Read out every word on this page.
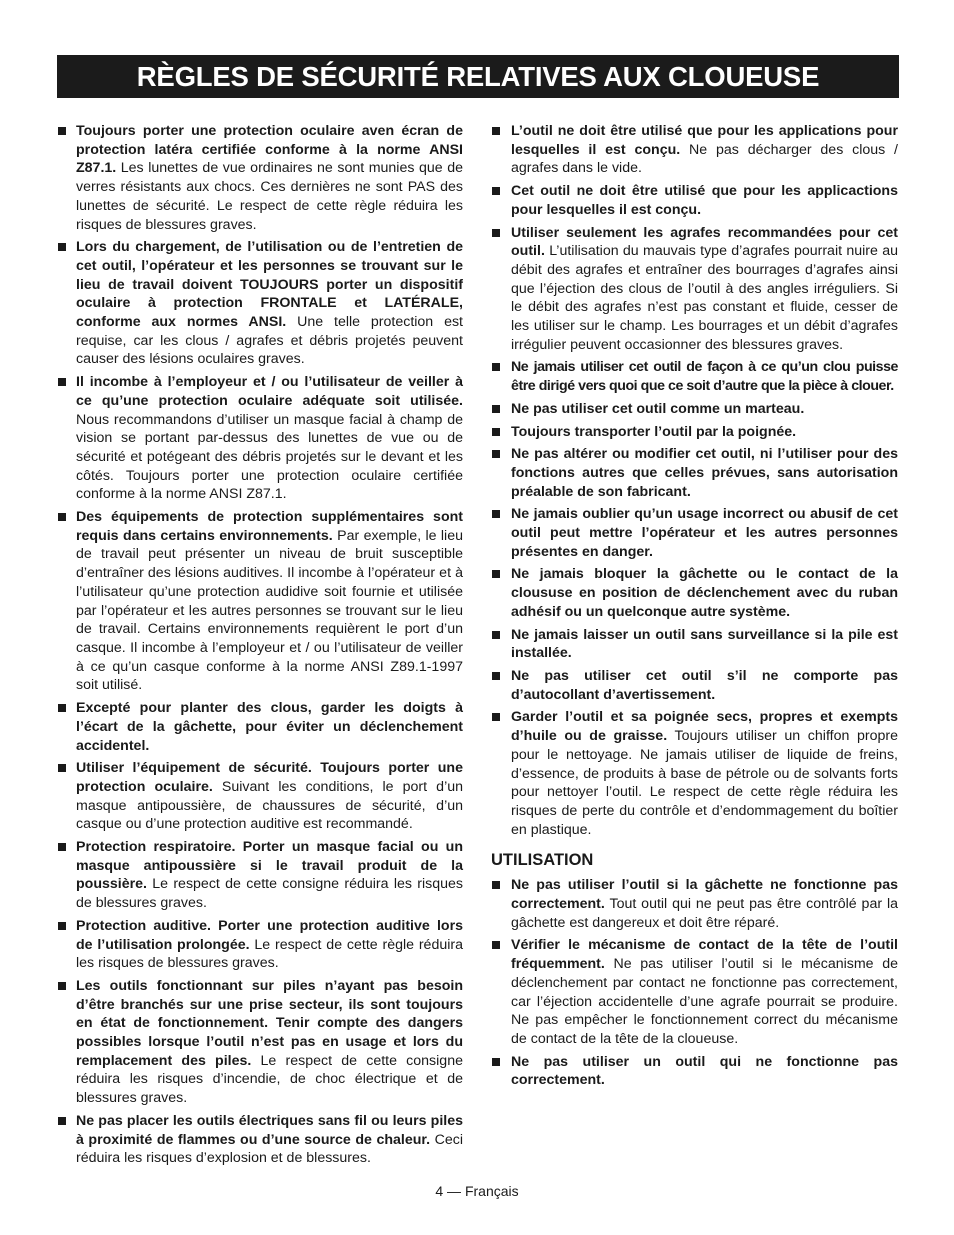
RÈGLES DE SÉCURITÉ RELATIVES AUX CLOUEUSE
Toujours porter une protection oculaire aven écran de protection latéra certifiée conforme à la norme ANSI Z87.1. Les lunettes de vue ordinaires ne sont munies que de verres résistants aux chocs. Ces dernières ne sont PAS des lunettes de sécurité. Le respect de cette règle réduira les risques de blessures graves.
Lors du chargement, de l’utilisation ou de l’entretien de cet outil, l’opérateur et les personnes se trouvant sur le lieu de travail doivent TOUJOURS porter un dispositif oculaire à protection FRONTALE et LATÉRALE, conforme aux normes ANSI. Une telle protection est requise, car les clous / agrafes et débris projetés peuvent causer des lésions oculaires graves.
Il incombe à l’employeur et / ou l’utilisateur de veiller à ce qu’une protection oculaire adéquate soit utilisée. Nous recommandons d’utiliser un masque facial à champ de vision se portant par-dessus des lunettes de vue ou de sécurité et potégeant des débris projetés sur le devant et les côtés. Toujours porter une protection oculaire certifiée conforme à la norme ANSI Z87.1.
Des équipements de protection supplémentaires sont requis dans certains environnements. Par exemple, le lieu de travail peut présenter un niveau de bruit susceptible d’entraîner des lésions auditives. Il incombe à l’opérateur et à l’utilisateur qu’une protection audidive soit fournie et utilisée par l’opérateur et les autres personnes se trouvant sur le lieu de travail. Certains environnements requièrent le port d’un casque. Il incombe à l’employeur et / ou l’utilisateur de veiller à ce qu’un casque conforme à la norme ANSI Z89.1-1997 soit utilisé.
Excepté pour planter des clous, garder les doigts à l’écart de la gâchette, pour éviter un déclenchement accidentel.
Utiliser l’équipement de sécurité. Toujours porter une protection oculaire. Suivant les conditions, le port d’un masque antipoussière, de chaussures de sécurité, d’un casque ou d’une protection auditive est recommandé.
Protection respiratoire. Porter un masque facial ou un masque antipoussière si le travail produit de la poussière. Le respect de cette consigne réduira les risques de blessures graves.
Protection auditive. Porter une protection auditive lors de l’utilisation prolongée. Le respect de cette règle réduira les risques de blessures graves.
Les outils fonctionnant sur piles n’ayant pas besoin d’être branchés sur une prise secteur, ils sont toujours en état de fonctionnement. Tenir compte des dangers possibles lorsque l’outil n’est pas en usage et lors du remplacement des piles. Le respect de cette consigne réduira les risques d’incendie, de choc électrique et de blessures graves.
Ne pas placer les outils électriques sans fil ou leurs piles à proximité de flammes ou d’une source de chaleur. Ceci réduira les risques d’explosion et de blessures.
L’outil ne doit être utilisé que pour les applications pour lesquelles il est conçu. Ne pas décharger des clous / agrafes dans le vide.
Cet outil ne doit être utilisé que pour les applicactions pour lesquelles il est conçu.
Utiliser seulement les agrafes recommandées pour cet outil. L’utilisation du mauvais type d’agrafes pourrait nuire au débit des agrafes et entraîner des bourrages d’agrafes ainsi que l’éjection des clous de l’outil à des angles irréguliers. Si le débit des agrafes n’est pas constant et fluide, cesser de les utiliser sur le champ. Les bourrages et un débit d’agrafes irrégulier peuvent occasionner des blessures graves.
Ne jamais utiliser cet outil de façon à ce qu’un clou puisse être dirigé vers quoi que ce soit d’autre que la pièce à clouer.
Ne pas utiliser cet outil comme un marteau.
Toujours transporter l’outil par la poignée.
Ne pas altérer ou modifier cet outil, ni l’utiliser pour des fonctions autres que celles prévues, sans autorisation préalable de son fabricant.
Ne jamais oublier qu’un usage incorrect ou abusif de cet outil peut mettre l’opérateur et les autres personnes présentes en danger.
Ne jamais bloquer la gâchette ou le contact de la cloususe en position de déclenchement avec du ruban adhésif ou un quelconque autre système.
Ne jamais laisser un outil sans surveillance si la pile est installée.
Ne pas utiliser cet outil s’il ne comporte pas d’autocollant d’avertissement.
Garder l’outil et sa poignée secs, propres et exempts d’huile ou de graisse. Toujours utiliser un chiffon propre pour le nettoyage. Ne jamais utiliser de liquide de freins, d’essence, de produits à base de pétrole ou de solvants forts pour nettoyer l’outil. Le respect de cette règle réduira les risques de perte du contrôle et d’endommagement du boîtier en plastique.
UTILISATION
Ne pas utiliser l’outil si la gâchette ne fonctionne pas correctement. Tout outil qui ne peut pas être contrôlé par la gâchette est dangereux et doit être réparé.
Vérifier le mécanisme de contact de la tête de l’outil fréquemment. Ne pas utiliser l’outil si le mécanisme de déclenchement par contact ne fonctionne pas correctement, car l’éjection accidentelle d’une agrafe pourrait se produire. Ne pas empêcher le fonctionnement correct du mécanisme de contact de la tête de la cloueuse.
Ne pas utiliser un outil qui ne fonctionne pas correctement.
4 — Français
